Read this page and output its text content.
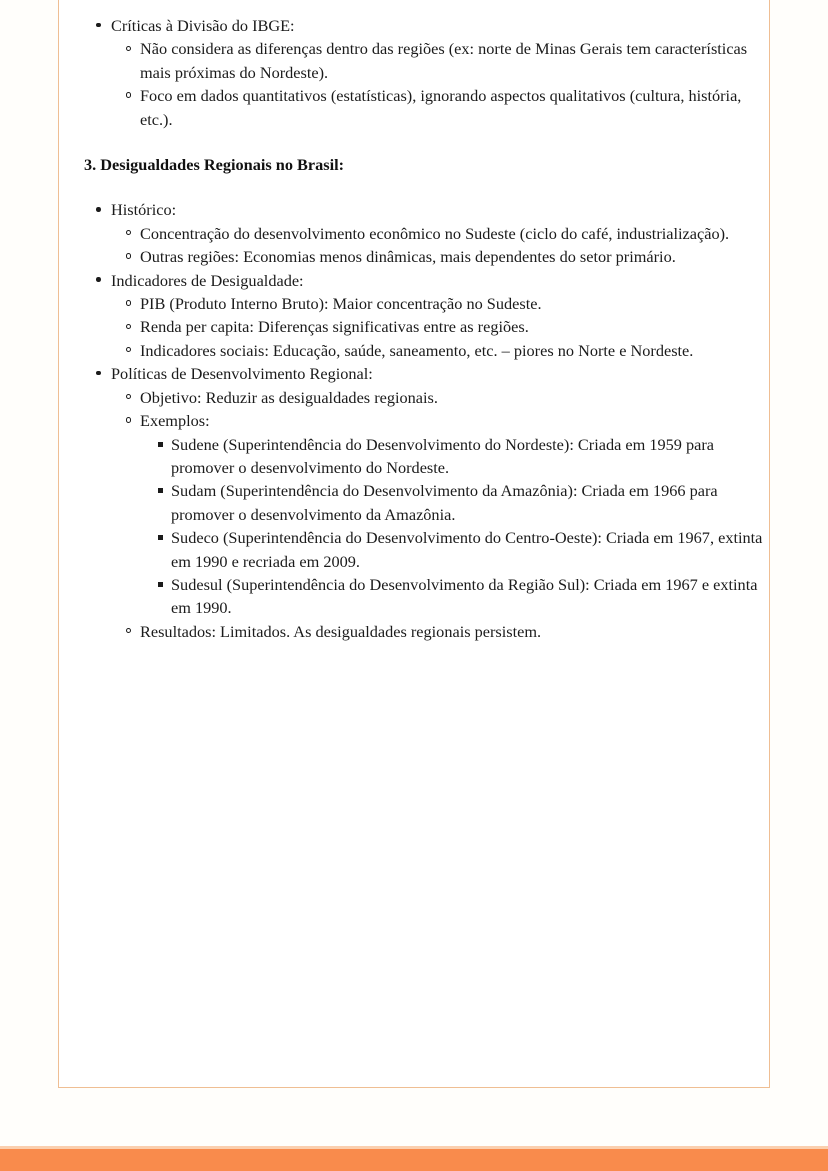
Críticas à Divisão do IBGE:
Não considera as diferenças dentro das regiões (ex: norte de Minas Gerais tem características mais próximas do Nordeste).
Foco em dados quantitativos (estatísticas), ignorando aspectos qualitativos (cultura, história, etc.).
3. Desigualdades Regionais no Brasil:
Histórico:
Concentração do desenvolvimento econômico no Sudeste (ciclo do café, industrialização).
Outras regiões: Economias menos dinâmicas, mais dependentes do setor primário.
Indicadores de Desigualdade:
PIB (Produto Interno Bruto): Maior concentração no Sudeste.
Renda per capita: Diferenças significativas entre as regiões.
Indicadores sociais: Educação, saúde, saneamento, etc. – piores no Norte e Nordeste.
Políticas de Desenvolvimento Regional:
Objetivo: Reduzir as desigualdades regionais.
Exemplos:
Sudene (Superintendência do Desenvolvimento do Nordeste): Criada em 1959 para promover o desenvolvimento do Nordeste.
Sudam (Superintendência do Desenvolvimento da Amazônia): Criada em 1966 para promover o desenvolvimento da Amazônia.
Sudeco (Superintendência do Desenvolvimento do Centro-Oeste): Criada em 1967, extinta em 1990 e recriada em 2009.
Sudesul (Superintendência do Desenvolvimento da Região Sul): Criada em 1967 e extinta em 1990.
Resultados: Limitados. As desigualdades regionais persistem.
